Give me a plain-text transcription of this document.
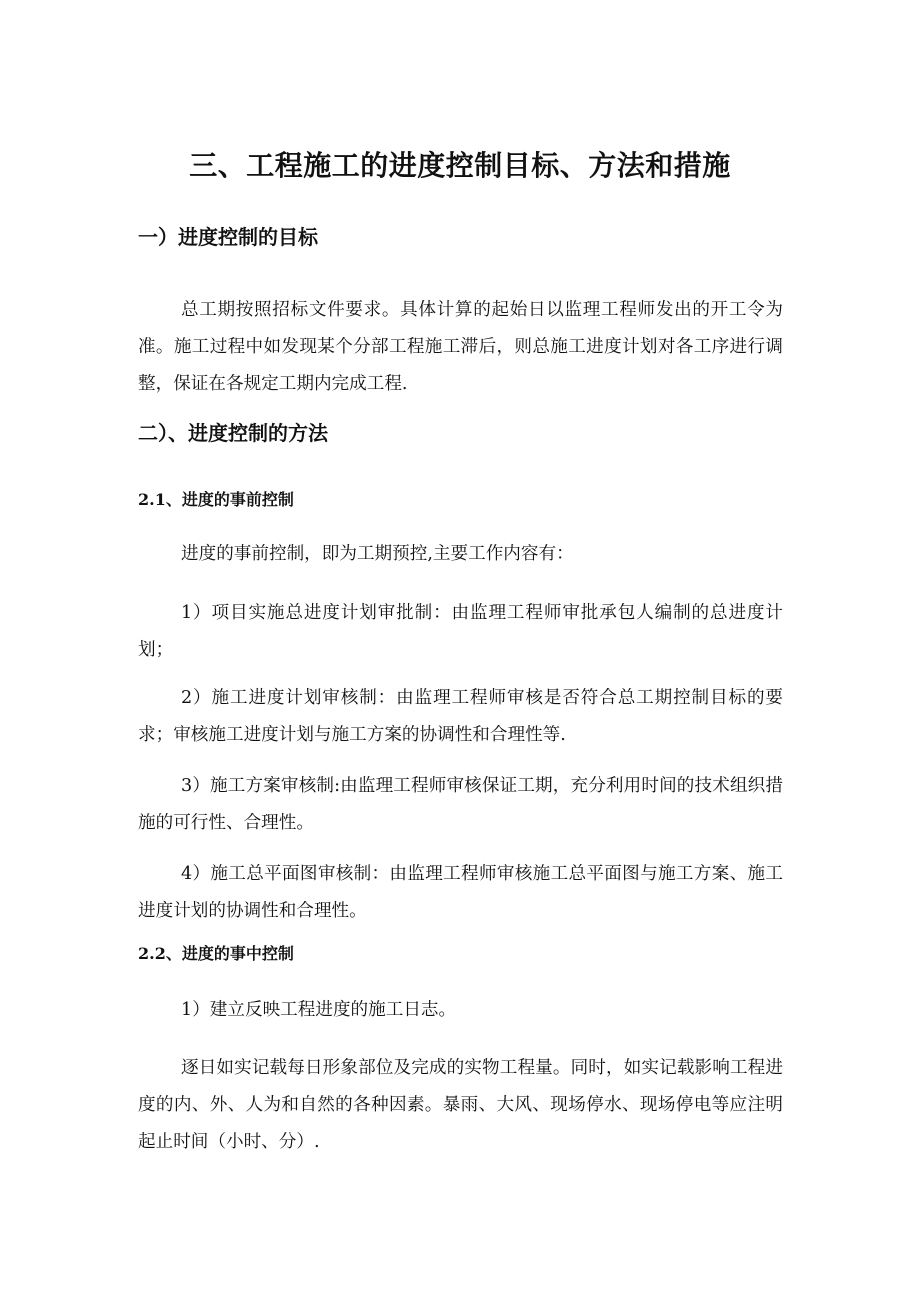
三、工程施工的进度控制目标、方法和措施
一）进度控制的目标

总工期按照招标文件要求。具体计算的起始日以监理工程师发出的开工令为准。施工过程中如发现某个分部工程施工滞后，则总施工进度计划对各工序进行调整，保证在各规定工期内完成工程.

二）、进度控制的方法
2.1、进度的事前控制

进度的事前控制，即为工期预控,主要工作内容有：

1）项目实施总进度计划审批制：由监理工程师审批承包人编制的总进度计划；

2）施工进度计划审核制：由监理工程师审核是否符合总工期控制目标的要求；审核施工进度计划与施工方案的协调性和合理性等.

3）施工方案审核制:由监理工程师审核保证工期，充分利用时间的技术组织措施的可行性、合理性。

4）施工总平面图审核制：由监理工程师审核施工总平面图与施工方案、施工进度计划的协调性和合理性。

2.2、进度的事中控制

1）建立反映工程进度的施工日志。

逐日如实记载每日形象部位及完成的实物工程量。同时，如实记载影响工程进度的内、外、人为和自然的各种因素。暴雨、大风、现场停水、现场停电等应注明起止时间（小时、分）.
